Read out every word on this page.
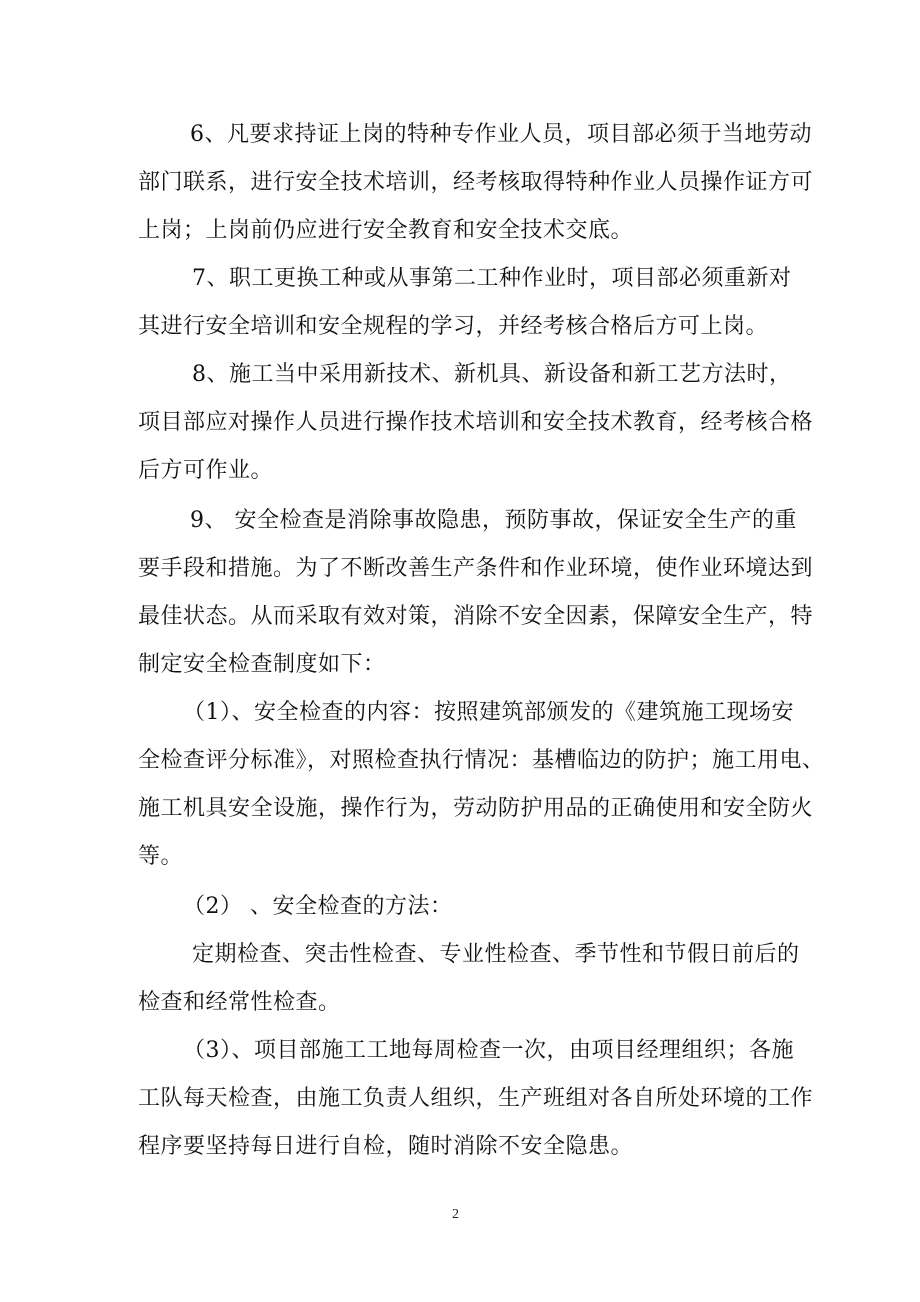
6、凡要求持证上岗的特种专作业人员，项目部必须于当地劳动
部门联系，进行安全技术培训，经考核取得特种作业人员操作证方可
上岗；上岗前仍应进行安全教育和安全技术交底。
7、职工更换工种或从事第二工种作业时，项目部必须重新对
其进行安全培训和安全规程的学习，并经考核合格后方可上岗。
8、施工当中采用新技术、新机具、新设备和新工艺方法时，
项目部应对操作人员进行操作技术培训和安全技术教育，经考核合格
后方可作业。
9、 安全检查是消除事故隐患，预防事故，保证安全生产的重
要手段和措施。为了不断改善生产条件和作业环境，使作业环境达到
最佳状态。从而采取有效对策，消除不安全因素，保障安全生产，特
制定安全检查制度如下：
（1）、安全检查的内容：按照建筑部颁发的《建筑施工现场安
全检查评分标准》，对照检查执行情况：基槽临边的防护；施工用电、
施工机具安全设施，操作行为，劳动防护用品的正确使用和安全防火
等。
（2） 、安全检查的方法：
定期检查、突击性检查、专业性检查、季节性和节假日前后的
检查和经常性检查。
（3）、项目部施工工地每周检查一次，由项目经理组织；各施
工队每天检查，由施工负责人组织，生产班组对各自所处环境的工作
程序要坚持每日进行自检，随时消除不安全隐患。
2
